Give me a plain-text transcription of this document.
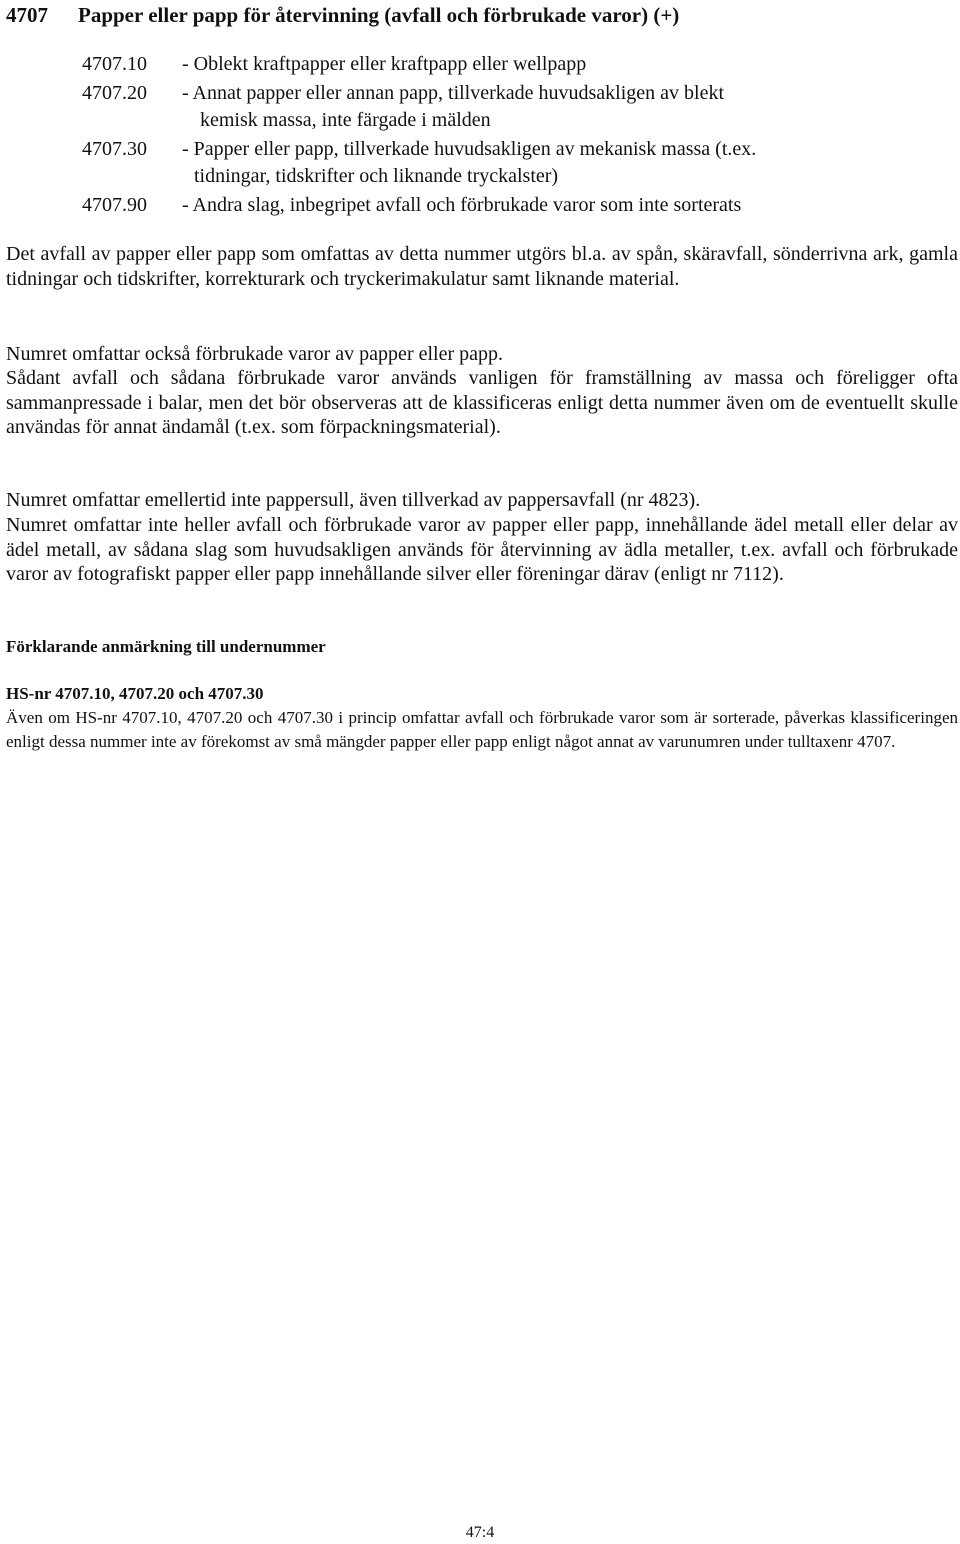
4707 Papper eller papp för återvinning (avfall och förbrukade varor) (+)
4707.10 - Oblekt kraftpapper eller kraftpapp eller wellpapp
4707.20 - Annat papper eller annan papp, tillverkade huvudsakligen av blekt
kemisk massa, inte färgade i mälden
4707.30 - Papper eller papp, tillverkade huvudsakligen av mekanisk massa (t.ex.
tidningar, tidskrifter och liknande tryckalster)
4707.90 - Andra slag, inbegripet avfall och förbrukade varor som inte sorterats

Det avfall av papper eller papp som omfattas av detta nummer utgörs bl.a. av spån, skäravfall, sönderrivna ark, gamla tidningar och tidskrifter, korrekturark och tryckerimakulatur samt liknande material.

Numret omfattar också förbrukade varor av papper eller papp.

Sådant avfall och sådana förbrukade varor används vanligen för framställning av massa och föreligger ofta sammanpressade i balar, men det bör observeras att de klassificeras enligt detta nummer även om de eventuellt skulle användas för annat ändamål (t.ex. som förpackningsmaterial).

Numret omfattar emellertid inte pappersull, även tillverkad av pappersavfall (nr 4823).

Numret omfattar inte heller avfall och förbrukade varor av papper eller papp, innehållande ädel metall eller delar av ädel metall, av sådana slag som huvudsakligen används för återvinning av ädla metaller, t.ex. avfall och förbrukade varor av fotografiskt papper eller papp innehållande silver eller föreningar därav (enligt nr 7112).

Förklarande anmärkning till undernummer
HS-nr 4707.10, 4707.20 och 4707.30

Även om HS-nr 4707.10, 4707.20 och 4707.30 i princip omfattar avfall och förbrukade varor som är sorterade, påverkas klassificeringen enligt dessa nummer inte av förekomst av små mängder papper eller papp enligt något annat av varunumren under tulltaxenr 4707.

47:4
